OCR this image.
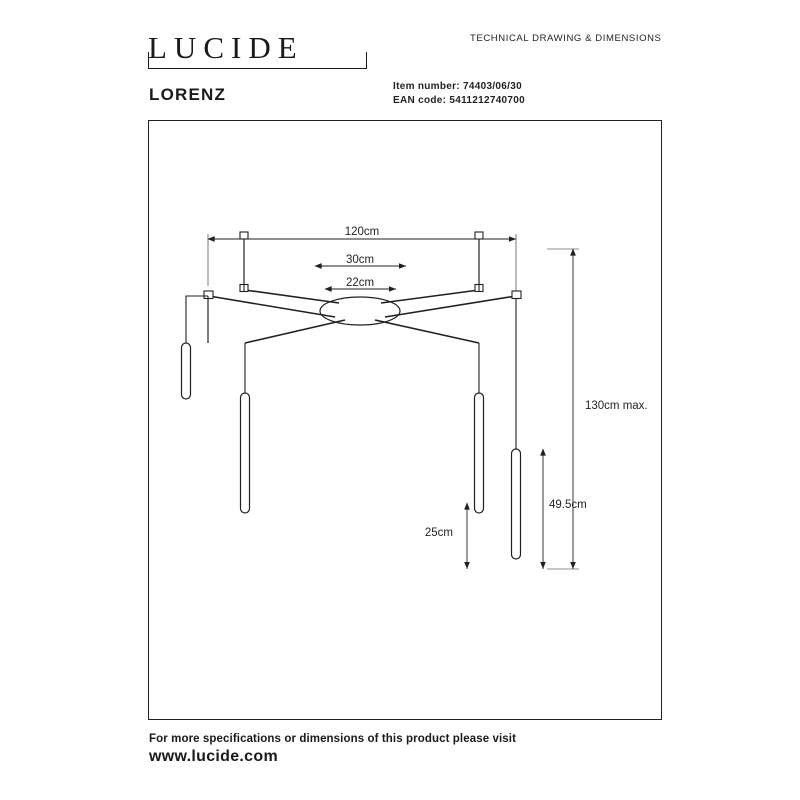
LUCIDE	TECHNICAL DRAWING & DIMENSIONS
LORENZ	Item number: 74403/06/30
EAN code: 5411212740700
120cm
30cm
22cm
130cm max.
49.5cm
25cm
For more specifications or dimensions of this product please visit
www.lucide.com
